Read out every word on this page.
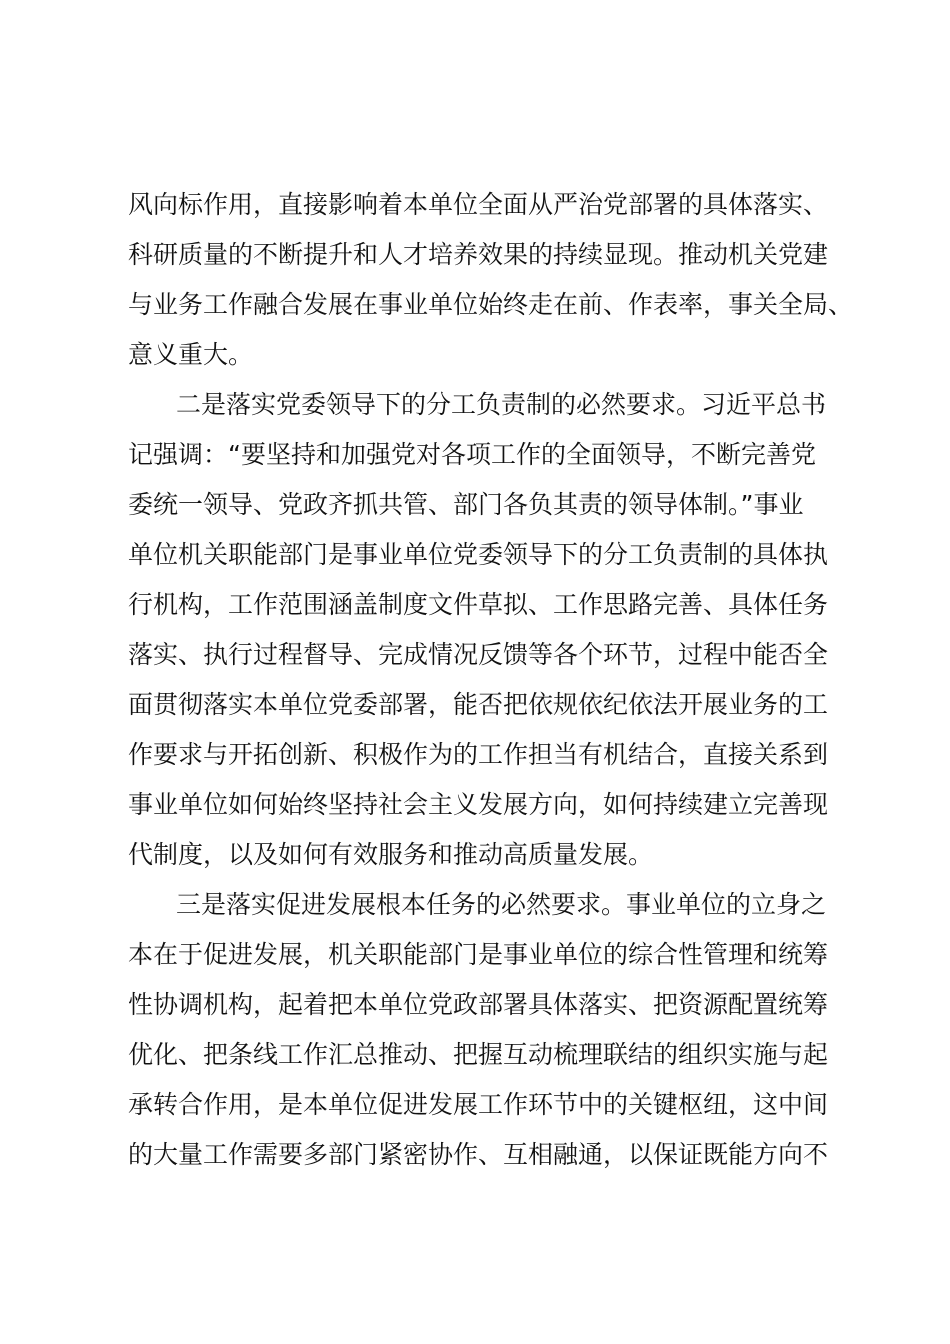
风向标作用，直接影响着本单位全面从严治党部署的具体落实、
科研质量的不断提升和人才培养效果的持续显现。推动机关党建
与业务工作融合发展在事业单位始终走在前、作表率，事关全局、
意义重大。
二是落实党委领导下的分工负责制的必然要求。习近平总书
记强调：“要坚持和加强党对各项工作的全面领导，不断完善党
委统一领导、党政齐抓共管、部门各负其责的领导体制。”事业
单位机关职能部门是事业单位党委领导下的分工负责制的具体执
行机构，工作范围涵盖制度文件草拟、工作思路完善、具体任务
落实、执行过程督导、完成情况反馈等各个环节，过程中能否全
面贯彻落实本单位党委部署，能否把依规依纪依法开展业务的工
作要求与开拓创新、积极作为的工作担当有机结合，直接关系到
事业单位如何始终坚持社会主义发展方向，如何持续建立完善现
代制度，以及如何有效服务和推动高质量发展。
三是落实促进发展根本任务的必然要求。事业单位的立身之
本在于促进发展，机关职能部门是事业单位的综合性管理和统筹
性协调机构，起着把本单位党政部署具体落实、把资源配置统筹
优化、把条线工作汇总推动、把握互动梳理联结的组织实施与起
承转合作用，是本单位促进发展工作环节中的关键枢纽，这中间
的大量工作需要多部门紧密协作、互相融通，以保证既能方向不
